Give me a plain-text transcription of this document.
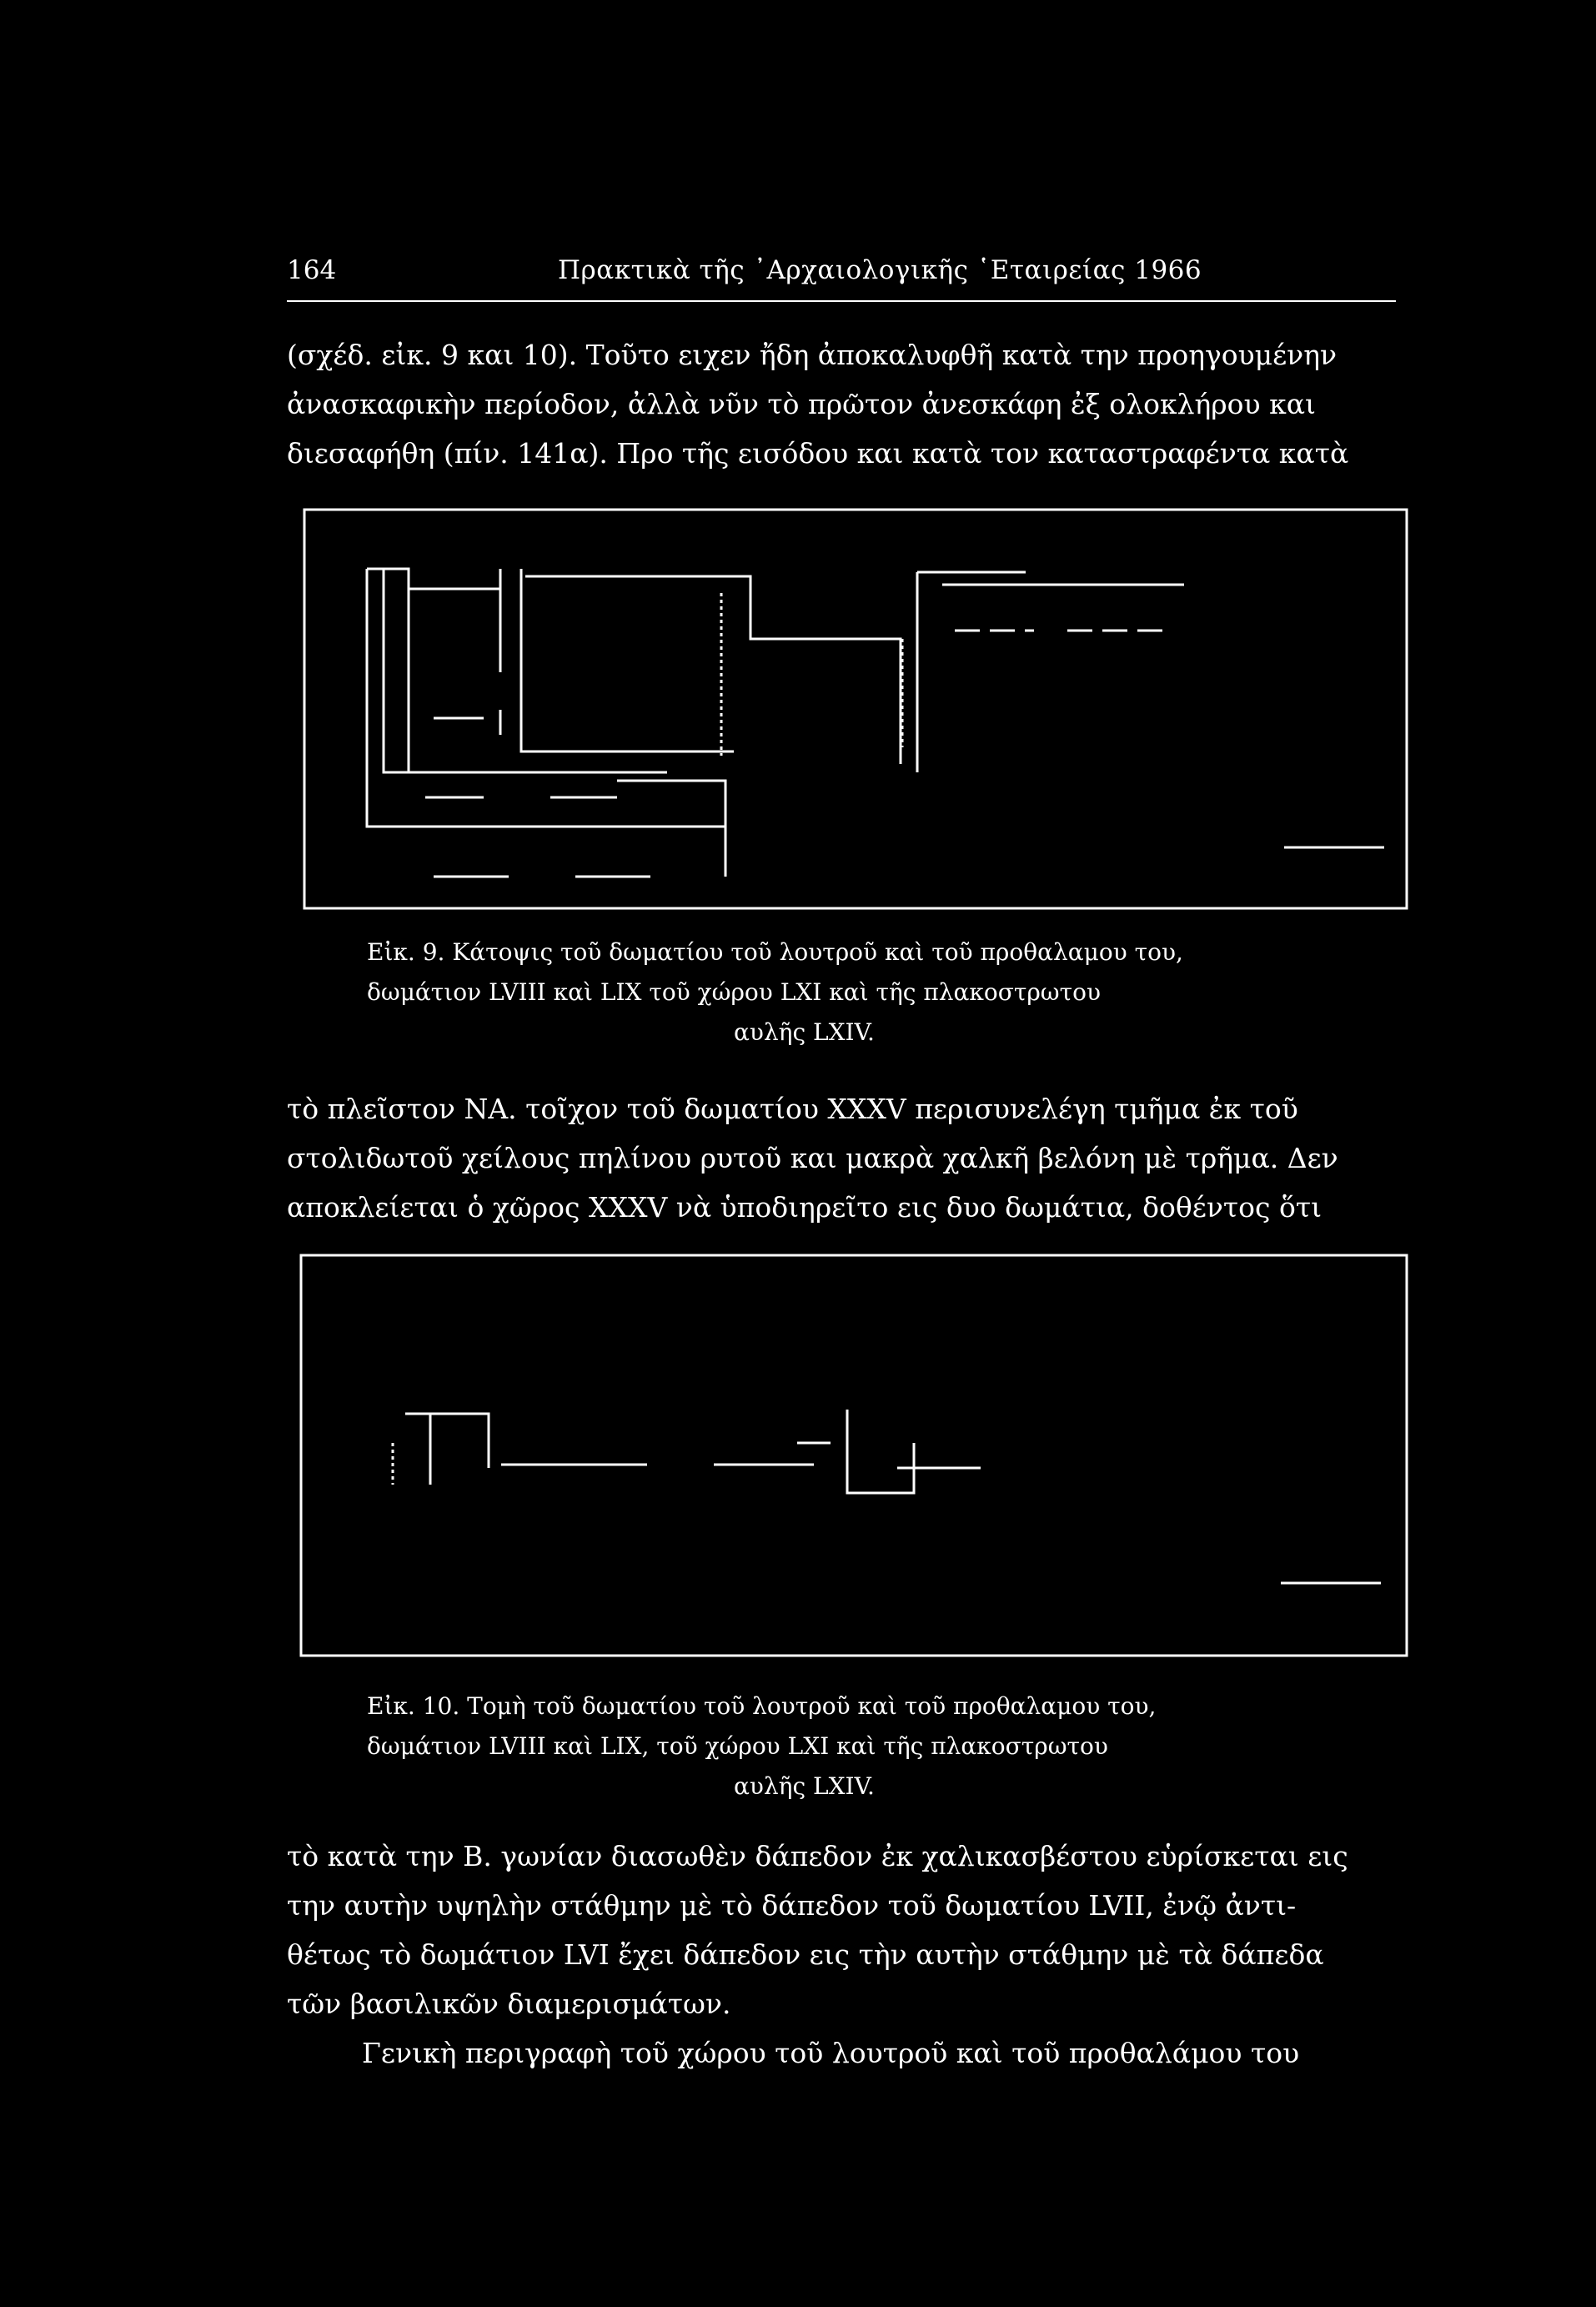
164	Πρακτικὰ τῆς ᾽Αρχαιολογικῆς ῾Εταιρείας 1966
(σχέδ. εἰκ. 9 και 10). Τοῦτο ειχεν ἤδη ἀποκαλυφθῆ κατὰ την προηγουμένην
ἀνασκαφικὴν περίοδον, ἀλλὰ νῦν τὸ πρῶτον ἀνεσκάφη ἐξ ολοκλήρου και
διεσαφήθη (πίν. 141α). Προ τῆς εισόδου και κατὰ τον καταστραφέντα κατὰ
Εἰκ. 9. Κάτοψις τοῦ δωματίου τοῦ λουτροῦ καὶ τοῦ προθαλαμου του,
δωμάτιον LVIII καὶ LIX τοῦ χώρου LXI καὶ τῆς πλακοστρωτου
αυλῆς LXIV.
τὸ πλεῖστον ΝΑ. τοῖχον τοῦ δωματίου XXXV περισυνελέγη τμῆμα ἐκ τοῦ
στολιδωτοῦ χείλους πηλίνου ρυτοῦ και μακρὰ χαλκῆ βελόνη μὲ τρῆμα. Δεν
αποκλείεται ὁ χῶρος XXXV νὰ ὑποδιηρεῖτο εις δυο δωμάτια, δοθέντος ὅτι
Εἰκ. 10. Τομὴ τοῦ δωματίου τοῦ λουτροῦ καὶ τοῦ προθαλαμου του,
δωμάτιον LVIII καὶ LIX, τοῦ χώρου LXI καὶ τῆς πλακοστρωτου
αυλῆς LXIV.
τὸ κατὰ την Β. γωνίαν διασωθὲν δάπεδον ἐκ χαλικασβέστου εὑρίσκεται εις
την αυτὴν υψηλὴν στάθμην μὲ τὸ δάπεδον τοῦ δωματίου LVII, ἐνῷ ἀντι-
θέτως τὸ δωμάτιον LVI ἔχει δάπεδον εις τὴν αυτὴν στάθμην μὲ τὰ δάπεδα
τῶν βασιλικῶν διαμερισμάτων.
Γενικὴ περιγραφὴ τοῦ χώρου τοῦ λουτροῦ καὶ τοῦ προθαλάμου του
